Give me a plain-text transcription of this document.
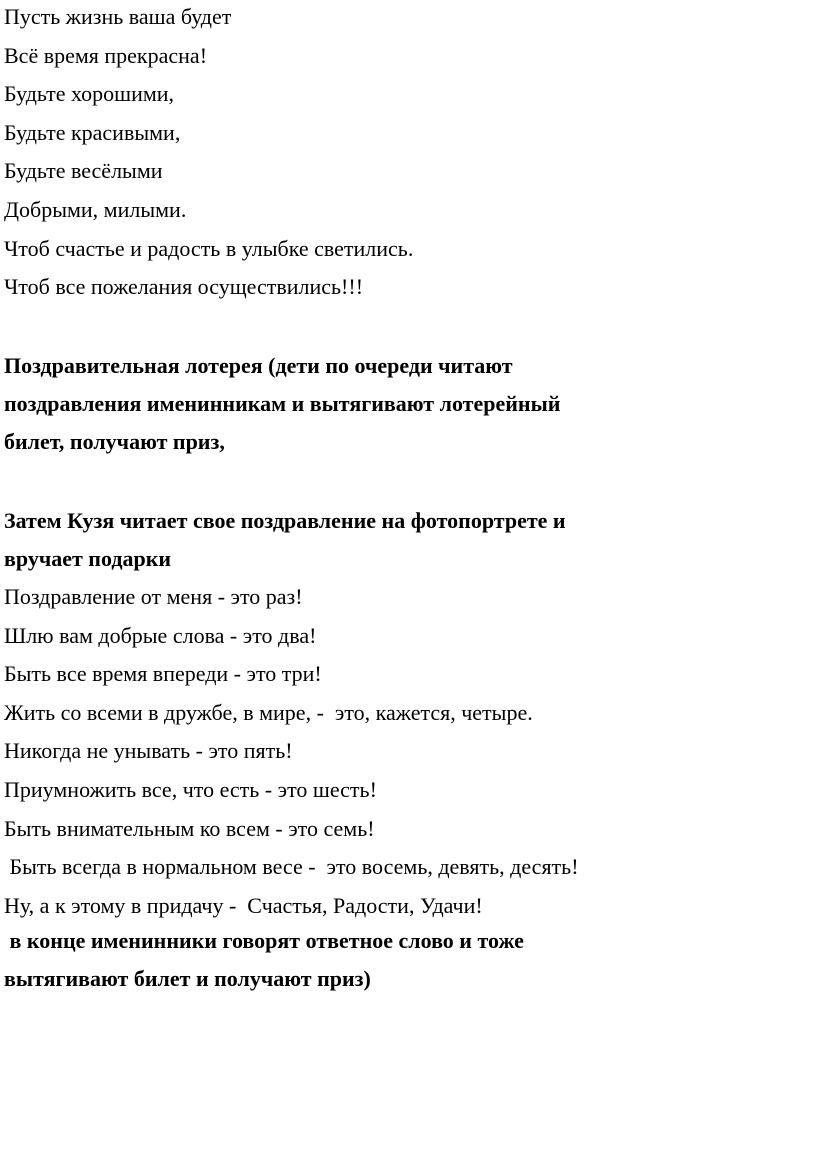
Пусть жизнь ваша будет
Всё время прекрасна!
Будьте хорошими,
Будьте красивыми,
Будьте весёлыми
Добрыми, милыми.
Чтоб счастье и радость в улыбке светились.
Чтоб все пожелания осуществились!!!
Поздравительная лотерея (дети по очереди читают
поздравления именинникам и вытягивают лотерейный
билет, получают приз,
Затем Кузя читает свое поздравление на фотопортрете и
вручает подарки
Поздравление от меня - это раз!
Шлю вам добрые слова - это два!
Быть все время впереди - это три!
Жить со всеми в дружбе, в мире, -  это, кажется, четыре.
Никогда не унывать - это пять!
Приумножить все, что есть - это шесть!
Быть внимательным ко всем - это семь!
Быть всегда в нормальном весе -  это восемь, девять, десять!
Ну, а к этому в придачу -  Счастья, Радости, Удачи!
в конце именинники говорят ответное слово и тоже
вытягивают билет и получают приз)
